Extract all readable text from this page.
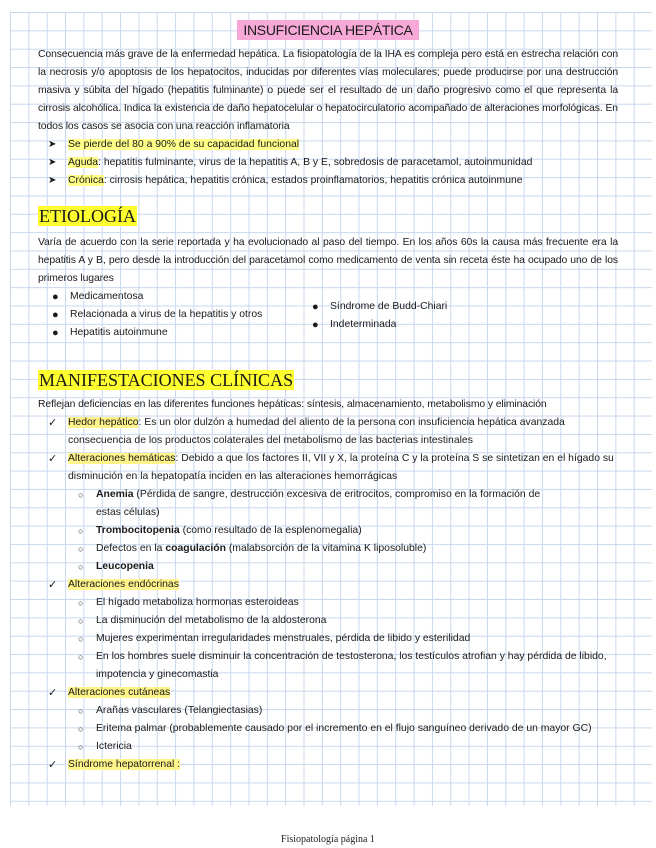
INSUFICIENCIA HEPÁTICA

Consecuencia más grave de la enfermedad hepática. La fisiopatología de la IHA es compleja pero está en estrecha relación con la necrosis y/o apoptosis de los hepatocitos, inducidas por diferentes vías moleculares; puede producirse por una destrucción masiva y súbita del hígado (hepatitis fulminante) o puede ser el resultado de un daño progresivo como el que representa la cirrosis alcohólica. Indica la existencia de daño hepatocelular o hepatocirculatorio acompañado de alteraciones morfológicas. En todos los casos se asocia con una reacción inflamatoria

➤ Se pierde del 80 a 90% de su capacidad funcional
➤ Aguda: hepatitis fulminante, virus de la hepatitis A, B y E, sobredosis de paracetamol, autoinmunidad
➤ Crónica: cirrosis hepática, hepatitis crónica, estados proinflamatorios, hepatitis crónica autoinmune
ETIOLOGÍA

Varía de acuerdo con la serie reportada y ha evolucionado al paso del tiempo. En los años 60s la causa más frecuente era la hepatitis A y B, pero desde la introducción del paracetamol como medicamento de venta sin receta éste ha ocupado uno de los primeros lugares

● Medicamentosa
● Relacionada a virus de la hepatitis y otros
● Hepatitis autoinmune
● Síndrome de Budd-Chiari
● Indeterminada
MANIFESTACIONES CLÍNICAS

Reflejan deficiencias en las diferentes funciones hepáticas: síntesis, almacenamiento, metabolismo y eliminación

✓ Hedor hepático: Es un olor dulzón a humedad del aliento de la persona con insuficiencia hepática avanzada consecuencia de los productos colaterales del metabolismo de las bacterias intestinales
✓ Alteraciones hemáticas: Debido a que los factores II, VII y X, la proteína C y la proteína S se sintetizan en el hígado su disminución en la hepatopatía inciden en las alteraciones hemorrágicas
○ Anemia (Pérdida de sangre, destrucción excesiva de eritrocitos, compromiso en la formación de estas células)
○ Trombocitopenia (como resultado de la esplenomegalia)
○ Defectos en la coagulación (malabsorción de la vitamina K liposoluble)
○ Leucopenia
✓ Alteraciones endócrinas
○ El hígado metaboliza hormonas esteroideas
○ La disminución del metabolismo de la aldosterona
○ Mujeres experimentan irregularidades menstruales, pérdida de libido y esterilidad
○ En los hombres suele disminuir la concentración de testosterona, los testículos atrofian y hay pérdida de libido, impotencia y ginecomastia
✓ Alteraciones cutáneas
○ Arañas vasculares (Telangiectasias)
○ Eritema palmar (probablemente causado por el incremento en el flujo sanguíneo derivado de un mayor GC)
○ Ictericia
✓ Síndrome hepatorrenal :
Fisiopatología página 1
